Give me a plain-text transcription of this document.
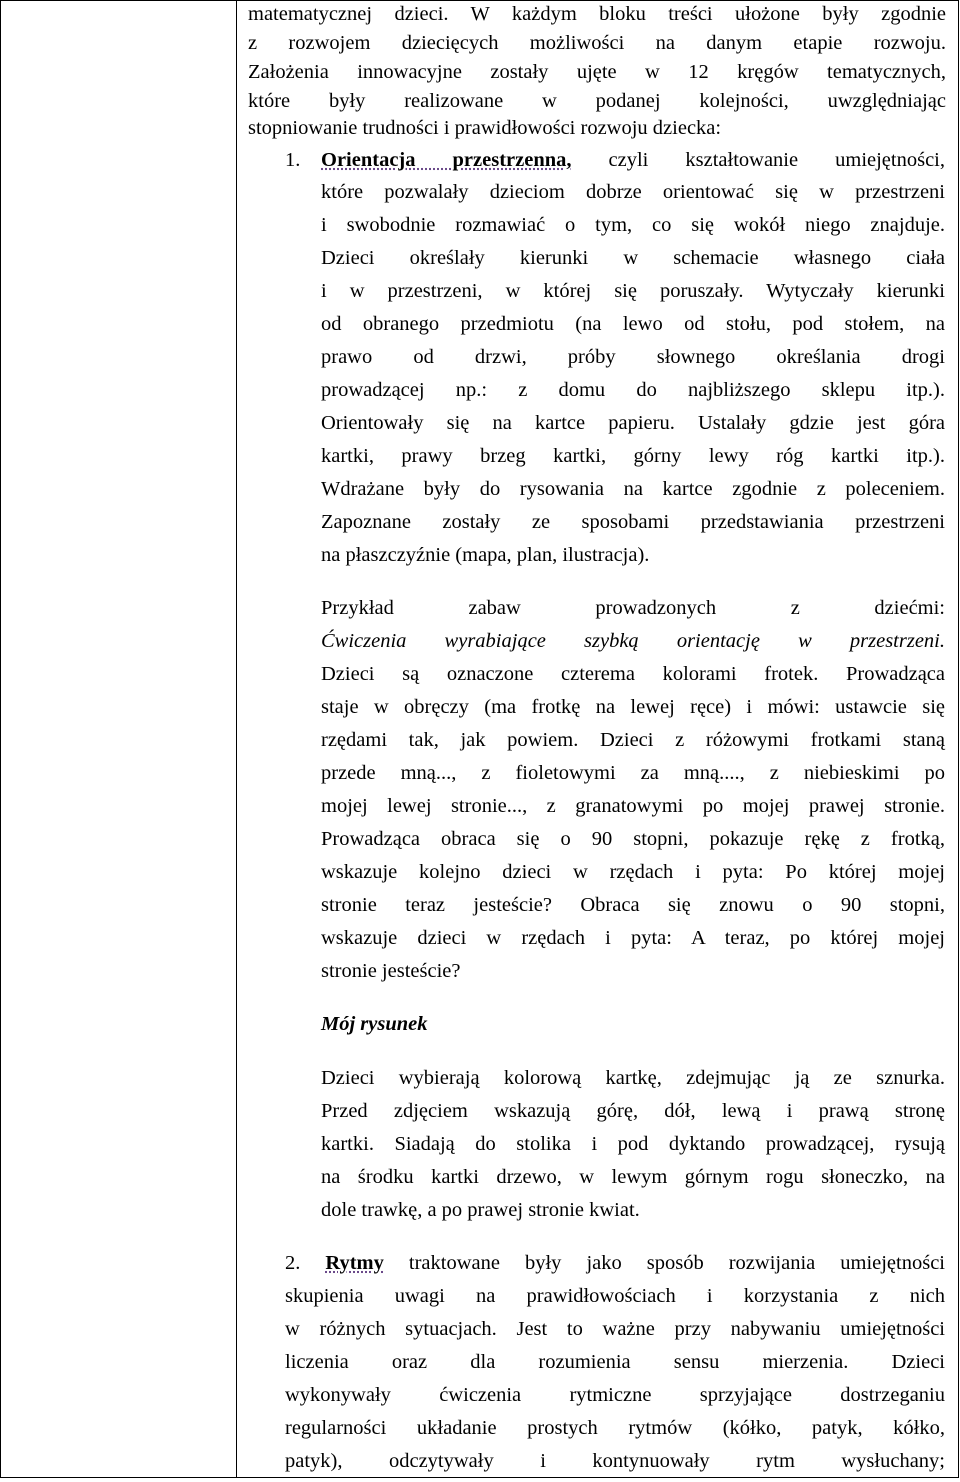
matematycznej dzieci. W każdym bloku treści ułożone były zgodnie

z rozwojem dziecięcych możliwości na danym etapie rozwoju.

Założenia innowacyjne zostały ujęte w 12 kręgów tematycznych,

które były realizowane w podanej kolejności, uwzględniając

stopniowanie trudności i prawidłowości rozwoju dziecka:

1. Orientacja przestrzenna, czyli kształtowanie umiejętności,

które pozwalały dzieciom dobrze orientować się w przestrzeni

i swobodnie rozmawiać o tym, co się wokół niego znajduje.

Dzieci określały kierunki w schemacie własnego ciała

i w przestrzeni, w której się poruszały. Wytyczały kierunki

od obranego przedmiotu (na lewo od stołu, pod stołem, na

prawo od drzwi, próby słownego określania drogi

prowadzącej np.: z domu do najbliższego sklepu itp.).

Orientowały się na kartce papieru. Ustalały gdzie jest góra

kartki, prawy brzeg kartki, górny lewy róg kartki itp.).

Wdrażane były do rysowania na kartce zgodnie z poleceniem.

Zapoznane zostały ze sposobami przedstawiania przestrzeni

na płaszczyźnie (mapa, plan, ilustracja).

Przykład zabaw prowadzonych z dziećmi:

Ćwiczenia wyrabiające szybką orientację w przestrzeni.

Dzieci są oznaczone czterema kolorami frotek. Prowadząca

staje w obręczy (ma frotkę na lewej ręce) i mówi: ustawcie się

rzędami tak, jak powiem. Dzieci z różowymi frotkami staną

przede mną..., z fioletowymi za mną...., z niebieskimi po

mojej lewej stronie..., z granatowymi po mojej prawej stronie.

Prowadząca obraca się o 90 stopni, pokazuje rękę z frotką,

wskazuje kolejno dzieci w rzędach i pyta: Po której mojej

stronie teraz jesteście? Obraca się znowu o 90 stopni,

wskazuje dzieci w rzędach i pyta: A teraz, po której mojej

stronie jesteście?

Mój rysunek

Dzieci wybierają kolorową kartkę, zdejmując ją ze sznurka.

Przed zdjęciem wskazują górę, dół, lewą i prawą stronę

kartki. Siadają do stolika i pod dyktando prowadzącej, rysują

na środku kartki drzewo, w lewym górnym rogu słoneczko, na

dole trawkę, a po prawej stronie kwiat.

2. Rytmy traktowane były jako sposób rozwijania umiejętności

skupienia uwagi na prawidłowościach i korzystania z nich

w różnych sytuacjach. Jest to ważne przy nabywaniu umiejętności

liczenia oraz dla rozumienia sensu mierzenia. Dzieci

wykonywały ćwiczenia rytmiczne sprzyjające dostrzeganiu

regularności układanie prostych rytmów (kółko, patyk, kółko,

patyk), odczytywały i kontynuowały rytm wysłuchany;
